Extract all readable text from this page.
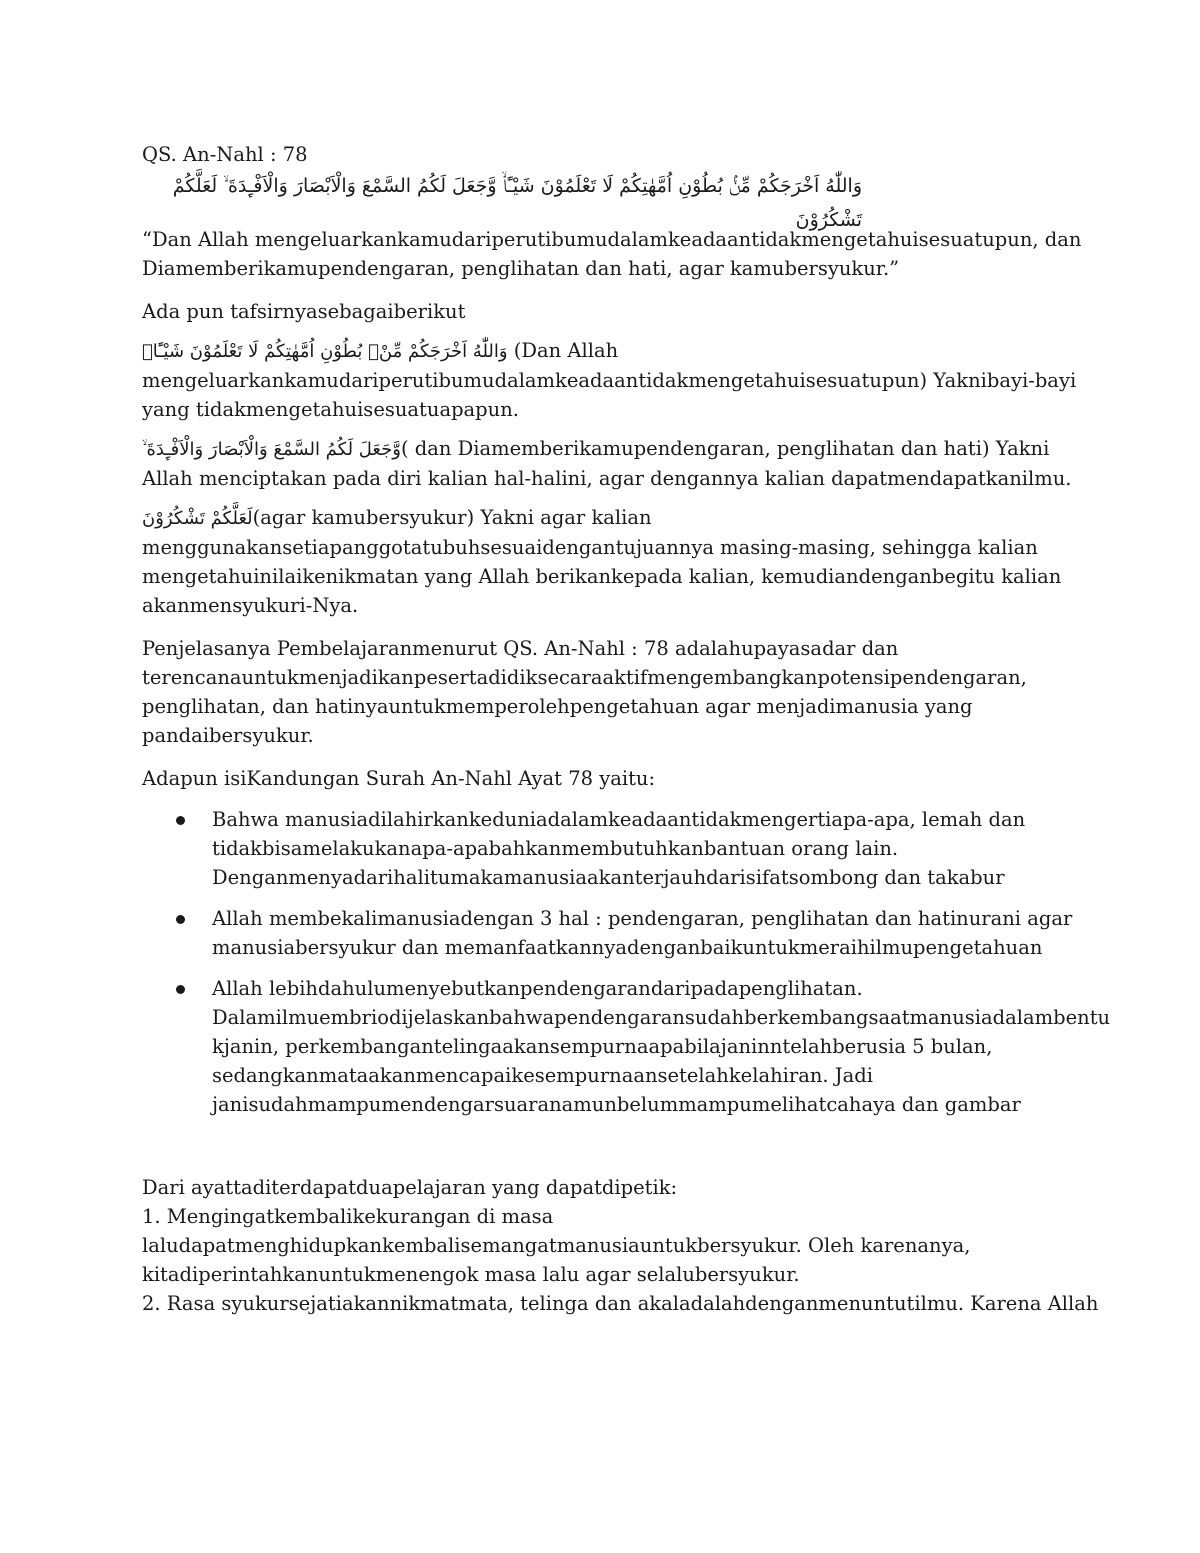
QS. An-Nahl : 78

وَاللّٰهُ اَخْرَجَكُمْ مِّنْۢ بُطُوْنِ اُمَّهٰتِكُمْ لَا تَعْلَمُوْنَ شَيْـًٔاۙ وَّجَعَلَ لَكُمُ السَّمْعَ وَالْاَبْصَارَ وَالْاَفْـِٕدَةَ ۙ لَعَلَّكُمْ تَشْكُرُوْنَ

“Dan Allah mengeluarkankamudariperutibumudalamkeadaantidakmengetahuisesuatupun, dan

Diamemberikamupendengaran, penglihatan dan hati, agar kamubersyukur.”

Ada pun tafsirnyasebagaiberikut

وَاللّٰهُ اَخْرَجَكُمْ مِّنْۢ بُطُوْنِ اُمَّهٰتِكُمْ لَا تَعْلَمُوْنَ شَيْـًٔاۙ (Dan Allah

mengeluarkankamudariperutibumudalamkeadaantidakmengetahuisesuatupun) Yaknibayi-bayi

yang tidakmengetahuisesuatuapapun.

وَّجَعَلَ لَكُمُ السَّمْعَ وَالْاَبْصَارَ وَالْاَفْـِٕدَةَ ۙ( dan Diamemberikamupendengaran, penglihatan dan hati) Yakni

Allah menciptakan pada diri kalian hal-halini, agar dengannya kalian dapatmendapatkanilmu.

لَعَلَّكُمْ تَشْكُرُوْنَ(agar kamubersyukur) Yakni agar kalian

menggunakansetiapanggotatubuhsesuaidengantujuannya masing-masing, sehingga kalian

mengetahuinilaikenikmatan yang Allah berikankepada kalian, kemudiandenganbegitu kalian

akanmensyukuri-Nya.

Penjelasanya Pembelajaranmenurut QS. An-Nahl : 78 adalahupayasadar dan

terencanauntukmenjadikanpesertadidiksecaraaktifmengembangkanpotensipendengaran,

penglihatan, dan hatinyauntukmemperolehpengetahuan agar menjadimanusia yang

pandaibersyukur.

Adapun isiKandungan Surah An-Nahl Ayat 78 yaitu:

Bahwa manusiadilahirkankeduniadalamkeadaantidakmengertiapa-apa, lemah dan

tidakbisamelakukanapa-apabahkanmembutuhkanbantuan orang lain.

Denganmenyadarihalitumakamanusiaakanterjauhdarisifatsombong dan takabur

Allah membekalimanusiadengan 3 hal : pendengaran, penglihatan dan hatinurani agar

manusiabersyukur dan memanfaatkannyadenganbaikuntukmeraihilmupengetahuan

Allah lebihdahulumenyebutkanpendengarandaripadapenglihatan.

Dalamilmuembriodijelaskanbahwapendengaransudahberkembangsaatmanusiadalambentu

kjanin, perkembangantelingaakansempurnaapabilajaninntelahberusia 5 bulan,

sedangkanmataakanmencapaikesempurnaansetelahkelahiran. Jadi

janisudahmampumendengarsuaranamunbelummampumelihatcahaya dan gambar

Dari ayattaditerdapatduapelajaran yang dapatdipetik:

1. Mengingatkembalikekurangan di masa

laludapatmenghidupkankembalisemangatmanusiauntukbersyukur. Oleh karenanya,

kitadiperintahkanuntukmenengok masa lalu agar selalubersyukur.

2. Rasa syukursejatiakannikmatmata, telinga dan akaladalahdenganmenuntutilmu. Karena Allah
